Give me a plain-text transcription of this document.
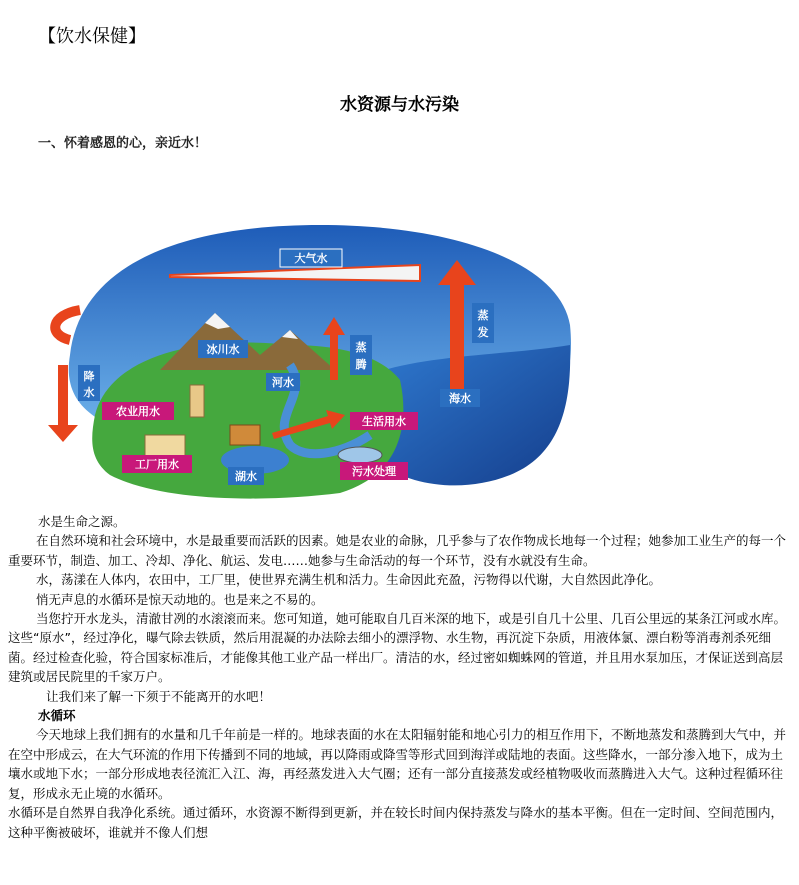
【饮水保健】
水资源与水污染
一、怀着感恩的心，亲近水！
大气水
蒸
发
蒸
腾
冰川水
降
水
河水
海水
农业用水
生活用水
工厂用水
湖水	污水处理
水是生命之源。
在自然环境和社会环境中，水是最重要而活跃的因素。她是农业的命脉，几乎参与了农作物成长地每一个过程；她参加工业生产的每一个重要环节，制造、加工、冷却、净化、航运、发电……她参与生命活动的每一个环节，没有水就没有生命。
水，荡漾在人体内，农田中，工厂里，使世界充满生机和活力。生命因此充盈，污物得以代谢，大自然因此净化。
悄无声息的水循环是惊天动地的。也是来之不易的。
当您拧开水龙头，清澈甘冽的水滚滚而来。您可知道，她可能取自几百米深的地下，或是引自几十公里、几百公里远的某条江河或水库。这些“原水”，经过净化，曝气除去铁质，然后用混凝的办法除去细小的漂浮物、水生物，再沉淀下杂质，用液体氯、漂白粉等消毒剂杀死细菌。经过检查化验，符合国家标准后，才能像其他工业产品一样出厂。清洁的水，经过密如蜘蛛网的管道，并且用水泵加压，才保证送到高层建筑或居民院里的千家万户。
让我们来了解一下须于不能离开的水吧！
水循环
今天地球上我们拥有的水量和几千年前是一样的。地球表面的水在太阳辐射能和地心引力的相互作用下，不断地蒸发和蒸腾到大气中，并在空中形成云，在大气环流的作用下传播到不同的地域，再以降雨或降雪等形式回到海洋或陆地的表面。这些降水，一部分渗入地下，成为土壤水或地下水；一部分形成地表径流汇入江、海，再经蒸发进入大气圈；还有一部分直接蒸发或经植物吸收而蒸腾进入大气。这种过程循环往复，形成永无止境的水循环。
水循环是自然界自我净化系统。通过循环，水资源不断得到更新，并在较长时间内保持蒸发与降水的基本平衡。但在一定时间、空间范围内，这种平衡被破坏，谁就并不像人们想
